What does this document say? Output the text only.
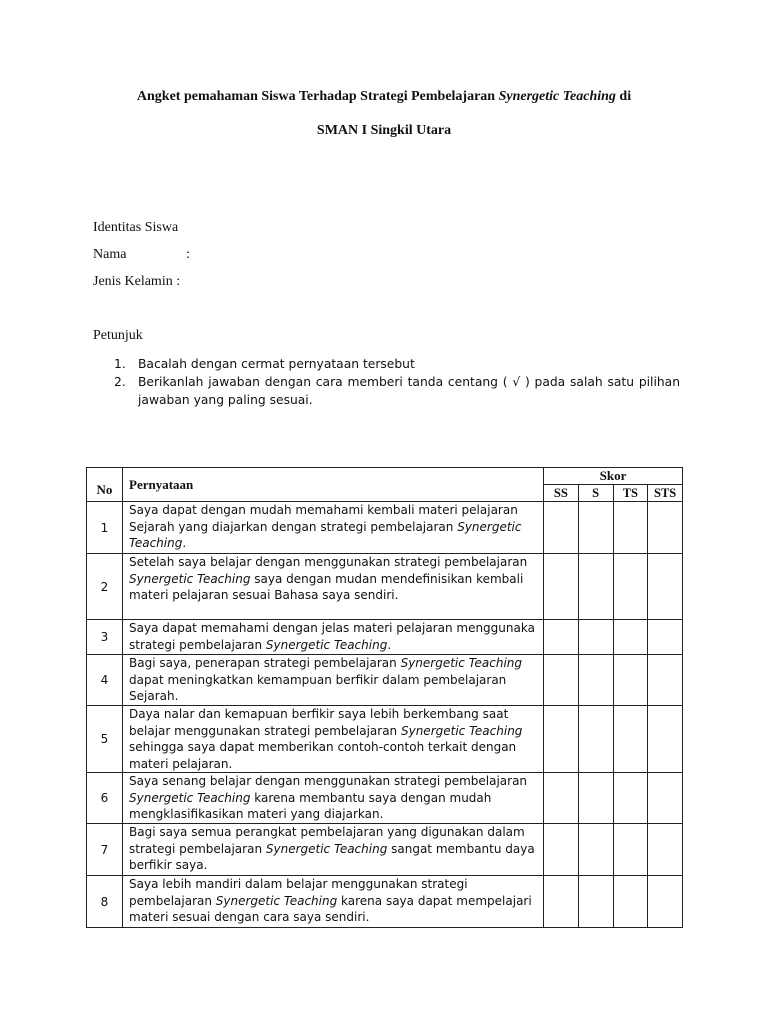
Angket pemahaman Siswa Terhadap Strategi Pembelajaran Synergetic Teaching di

SMAN I Singkil Utara

Identitas Siswa

Nama	:

Jenis Kelamin :

Petunjuk

1. Bacalah dengan cermat pernyataan tersebut
2. Berikanlah jawaban dengan cara memberi tanda centang ( √ ) pada salah satu pilihan jawaban yang paling sesuai.
No	Pernyataan	Skor			
		SS	S	TS	STS
1	Saya dapat dengan mudah memahami kembali materi pelajaran Sejarah yang diajarkan dengan strategi pembelajaran Synergetic Teaching.				
2	Setelah saya belajar dengan menggunakan strategi pembelajaran Synergetic Teaching saya dengan mudan mendefinisikan kembali materi pelajaran sesuai Bahasa saya sendiri.				
3	Saya dapat memahami dengan jelas materi pelajaran menggunaka strategi pembelajaran Synergetic Teaching.				
4	Bagi saya, penerapan strategi pembelajaran Synergetic Teaching dapat meningkatkan kemampuan berfikir dalam pembelajaran Sejarah.				
5	Daya nalar dan kemapuan berfikir saya lebih berkembang saat belajar menggunakan strategi pembelajaran Synergetic Teaching sehingga saya dapat memberikan contoh-contoh terkait dengan materi pelajaran.				
6	Saya senang belajar dengan menggunakan strategi pembelajaran Synergetic Teaching karena membantu saya dengan mudah mengklasifikasikan materi yang diajarkan.				
7	Bagi saya semua perangkat pembelajaran yang digunakan dalam strategi pembelajaran Synergetic Teaching sangat membantu daya berfikir saya.				
8	Saya lebih mandiri dalam belajar menggunakan strategi pembelajaran Synergetic Teaching karena saya dapat mempelajari materi sesuai dengan cara saya sendiri.				
